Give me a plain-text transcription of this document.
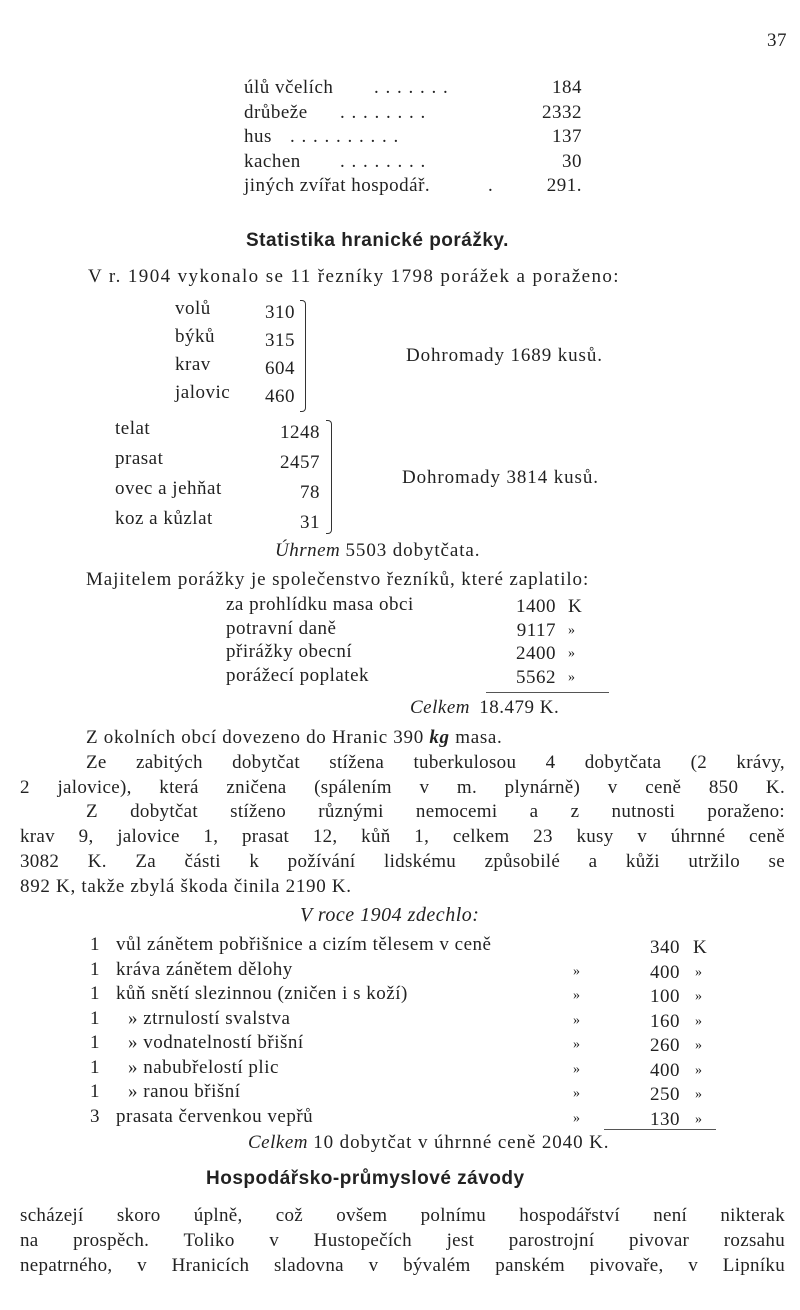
37
úlů včelích . . . . . . .	184
drůbeže . . . . . . . .	2332
hus . . . . . . . . . .	137
kachen . . . . . . . .	30
jiných zvířat hospodář.	.	291.
Statistika hranické porážky.
V r. 1904 vykonalo se 11 řezníky 1798 porážek a poraženo:
volů	310
býků	315
krav	604
jalovic	460
Dohromady 1689 kusů.
telat	1248
prasat	2457
ovec a jehňat	78
koz a kůzlat	31
Dohromady 3814 kusů.
Úhrnem 5503 dobytčata.
Majitelem porážky je společenstvo řezníků, které zaplatilo:
za prohlídku masa obci	1400 K
potravní daně	9117 »
přirážky obecní	2400 »
porážecí poplatek	5562 »
Celkem 18.479 K.
Z okolních obcí dovezeno do Hranic 390 kg masa.
Ze zabitých dobytčat stížena tuberkulosou 4 dobytčata (2 krávy,
2 jalovice), která zničena (spálením v m. plynárně) v ceně 850 K.
Z dobytčat stíženo různými nemocemi a z nutnosti poraženo:
krav 9, jalovice 1, prasat 12, kůň 1, celkem 23 kusy v úhrnné ceně
3082 K. Za části k požívání lidskému způsobilé a kůži utržilo se
892 K, takže zbylá škoda činila 2190 K.
V roce 1904 zdechlo:
1 vůl zánětem pobřišnice a cizím tělesem v ceně	340 K
1 kráva zánětem dělohy	»	400 »
1 kůň snětí slezinnou (zničen i s koží)	»	100 »
1 » ztrnulostí svalstva	»	160 »
1 » vodnatelností břišní	»	260 »
1 » nabubřelostí plic	»	400 »
1 » ranou břišní	»	250 »
3 prasata červenkou vepřů	»	130 »
Celkem 10 dobytčat v úhrnné ceně 2040 K.
Hospodářsko-průmyslové závody
scházejí skoro úplně, což ovšem polnímu hospodářství není nikterak
na prospěch. Toliko v Hustopečích jest parostrojní pivovar rozsahu
nepatrného, v Hranicích sladovna v bývalém panském pivovaře, v Lipníku
